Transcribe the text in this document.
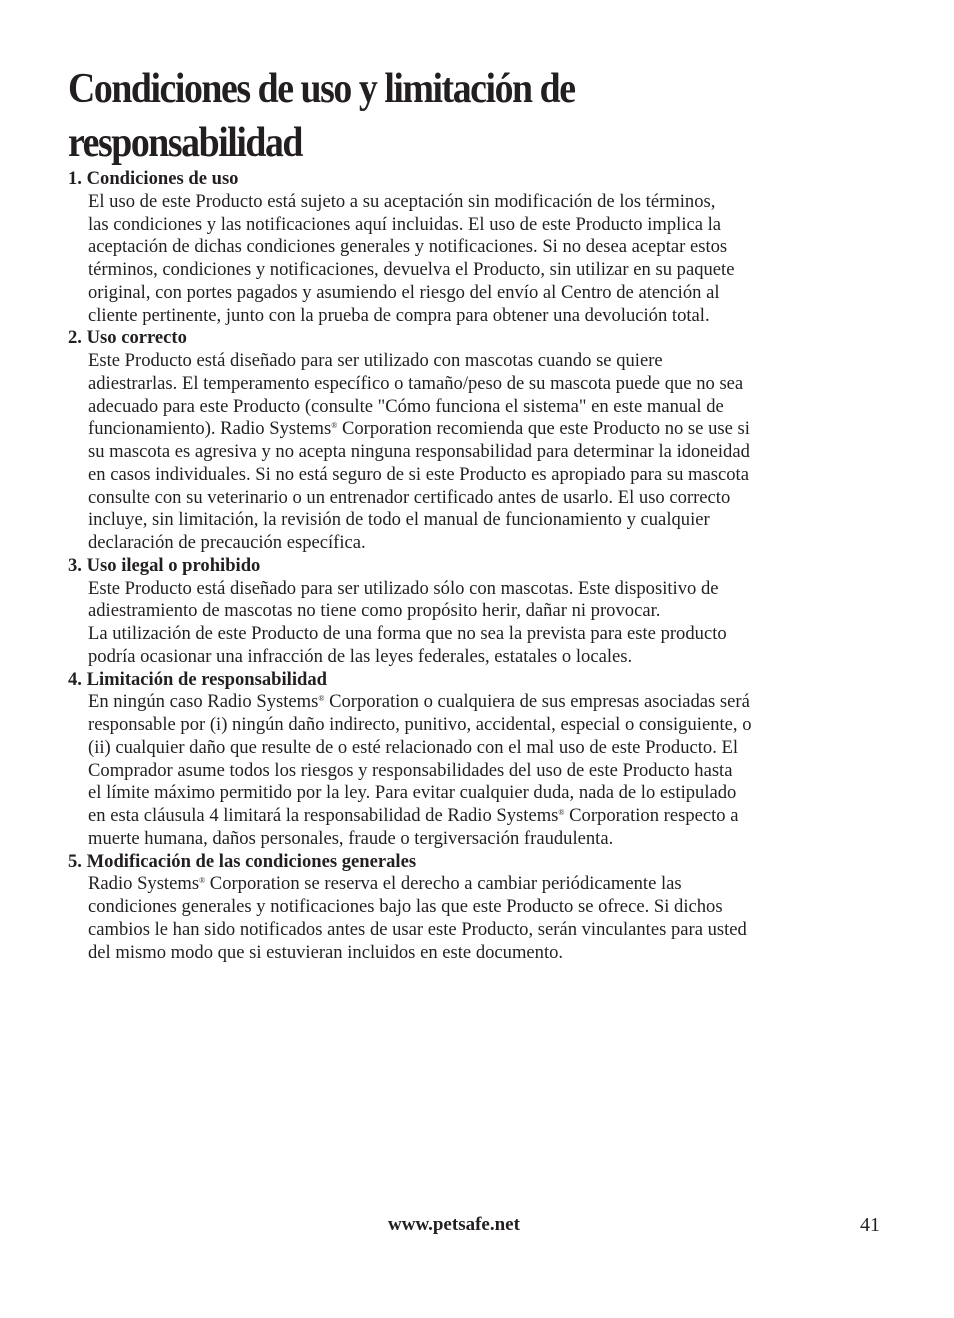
Condiciones de uso y limitación de responsabilidad
1. Condiciones de uso
El uso de este Producto está sujeto a su aceptación sin modificación de los términos,
las condiciones y las notificaciones aquí incluidas. El uso de este Producto implica la
aceptación de dichas condiciones generales y notificaciones. Si no desea aceptar estos
términos, condiciones y notificaciones, devuelva el Producto, sin utilizar en su paquete
original, con portes pagados y asumiendo el riesgo del envío al Centro de atención al
cliente pertinente, junto con la prueba de compra para obtener una devolución total.
2. Uso correcto
Este Producto está diseñado para ser utilizado con mascotas cuando se quiere
adiestrarlas. El temperamento específico o tamaño/peso de su mascota puede que no sea
adecuado para este Producto (consulte "Cómo funciona el sistema" en este manual de
funcionamiento). Radio Systems® Corporation recomienda que este Producto no se use si
su mascota es agresiva y no acepta ninguna responsabilidad para determinar la idoneidad
en casos individuales. Si no está seguro de si este Producto es apropiado para su mascota
consulte con su veterinario o un entrenador certificado antes de usarlo. El uso correcto
incluye, sin limitación, la revisión de todo el manual de funcionamiento y cualquier
declaración de precaución específica.
3. Uso ilegal o prohibido
Este Producto está diseñado para ser utilizado sólo con mascotas. Este dispositivo de
adiestramiento de mascotas no tiene como propósito herir, dañar ni provocar.
La utilización de este Producto de una forma que no sea la prevista para este producto
podría ocasionar una infracción de las leyes federales, estatales o locales.
4. Limitación de responsabilidad
En ningún caso Radio Systems® Corporation o cualquiera de sus empresas asociadas será
responsable por (i) ningún daño indirecto, punitivo, accidental, especial o consiguiente, o
(ii) cualquier daño que resulte de o esté relacionado con el mal uso de este Producto. El
Comprador asume todos los riesgos y responsabilidades del uso de este Producto hasta
el límite máximo permitido por la ley. Para evitar cualquier duda, nada de lo estipulado
en esta cláusula 4 limitará la responsabilidad de Radio Systems® Corporation respecto a
muerte humana, daños personales, fraude o tergiversación fraudulenta.
5. Modificación de las condiciones generales
Radio Systems® Corporation se reserva el derecho a cambiar periódicamente las
condiciones generales y notificaciones bajo las que este Producto se ofrece. Si dichos
cambios le han sido notificados antes de usar este Producto, serán vinculantes para usted
del mismo modo que si estuvieran incluidos en este documento.
www.petsafe.net	41
